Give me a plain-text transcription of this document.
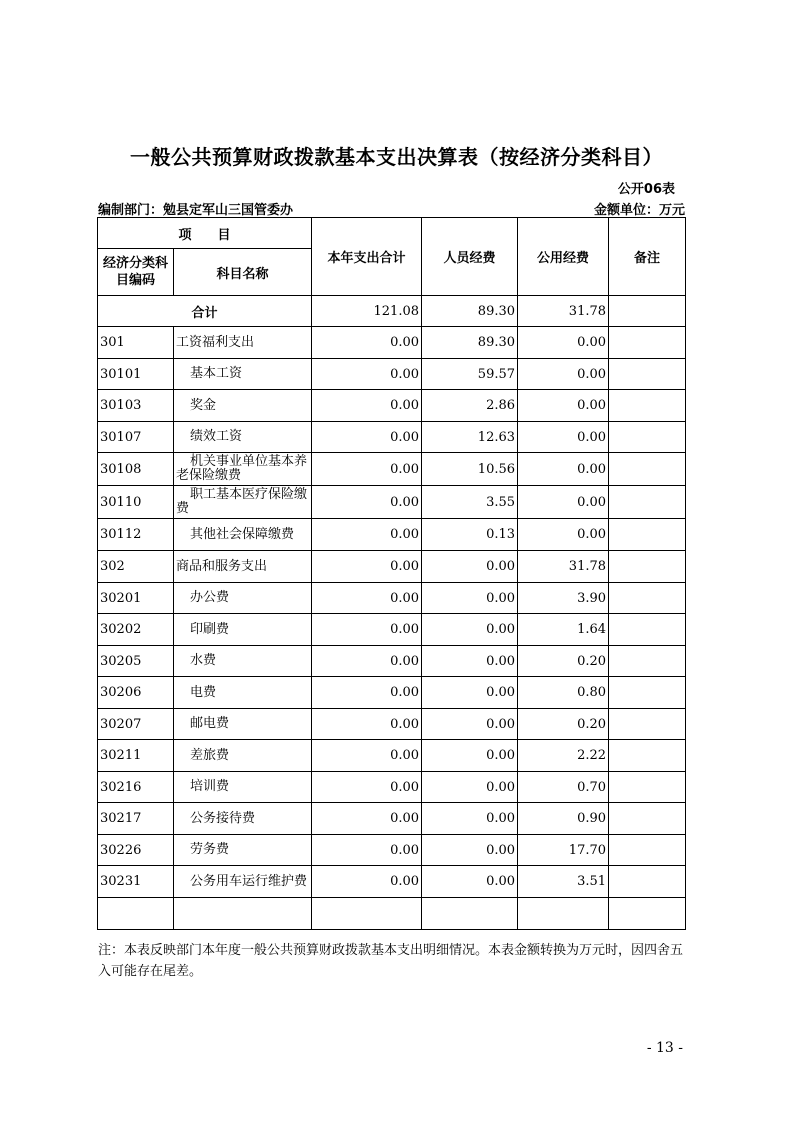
一般公共预算财政拨款基本支出决算表（按经济分类科目）
公开06表
编制部门：勉县定军山三国管委办	金额单位：万元
项　　目		本年支出合计	人员经费	公用经费	备注
经济分类科目编码	科目名称				
合计		121.08	89.30	31.78	
301	工资福利支出	0.00	89.30	0.00	
30101	基本工资	0.00	59.57	0.00	
30103	奖金	0.00	2.86	0.00	
30107	绩效工资	0.00	12.63	0.00	
30108	机关事业单位基本养老保险缴费	0.00	10.56	0.00	
30110	职工基本医疗保险缴费	0.00	3.55	0.00	
30112	其他社会保障缴费	0.00	0.13	0.00	
302	商品和服务支出	0.00	0.00	31.78	
30201	办公费	0.00	0.00	3.90	
30202	印刷费	0.00	0.00	1.64	
30205	水费	0.00	0.00	0.20	
30206	电费	0.00	0.00	0.80	
30207	邮电费	0.00	0.00	0.20	
30211	差旅费	0.00	0.00	2.22	
30216	培训费	0.00	0.00	0.70	
30217	公务接待费	0.00	0.00	0.90	
30226	劳务费	0.00	0.00	17.70	
30231	公务用车运行维护费	0.00	0.00	3.51	

注：本表反映部门本年度一般公共预算财政拨款基本支出明细情况。本表金额转换为万元时，因四舍五入可能存在尾差。
- 13 -
